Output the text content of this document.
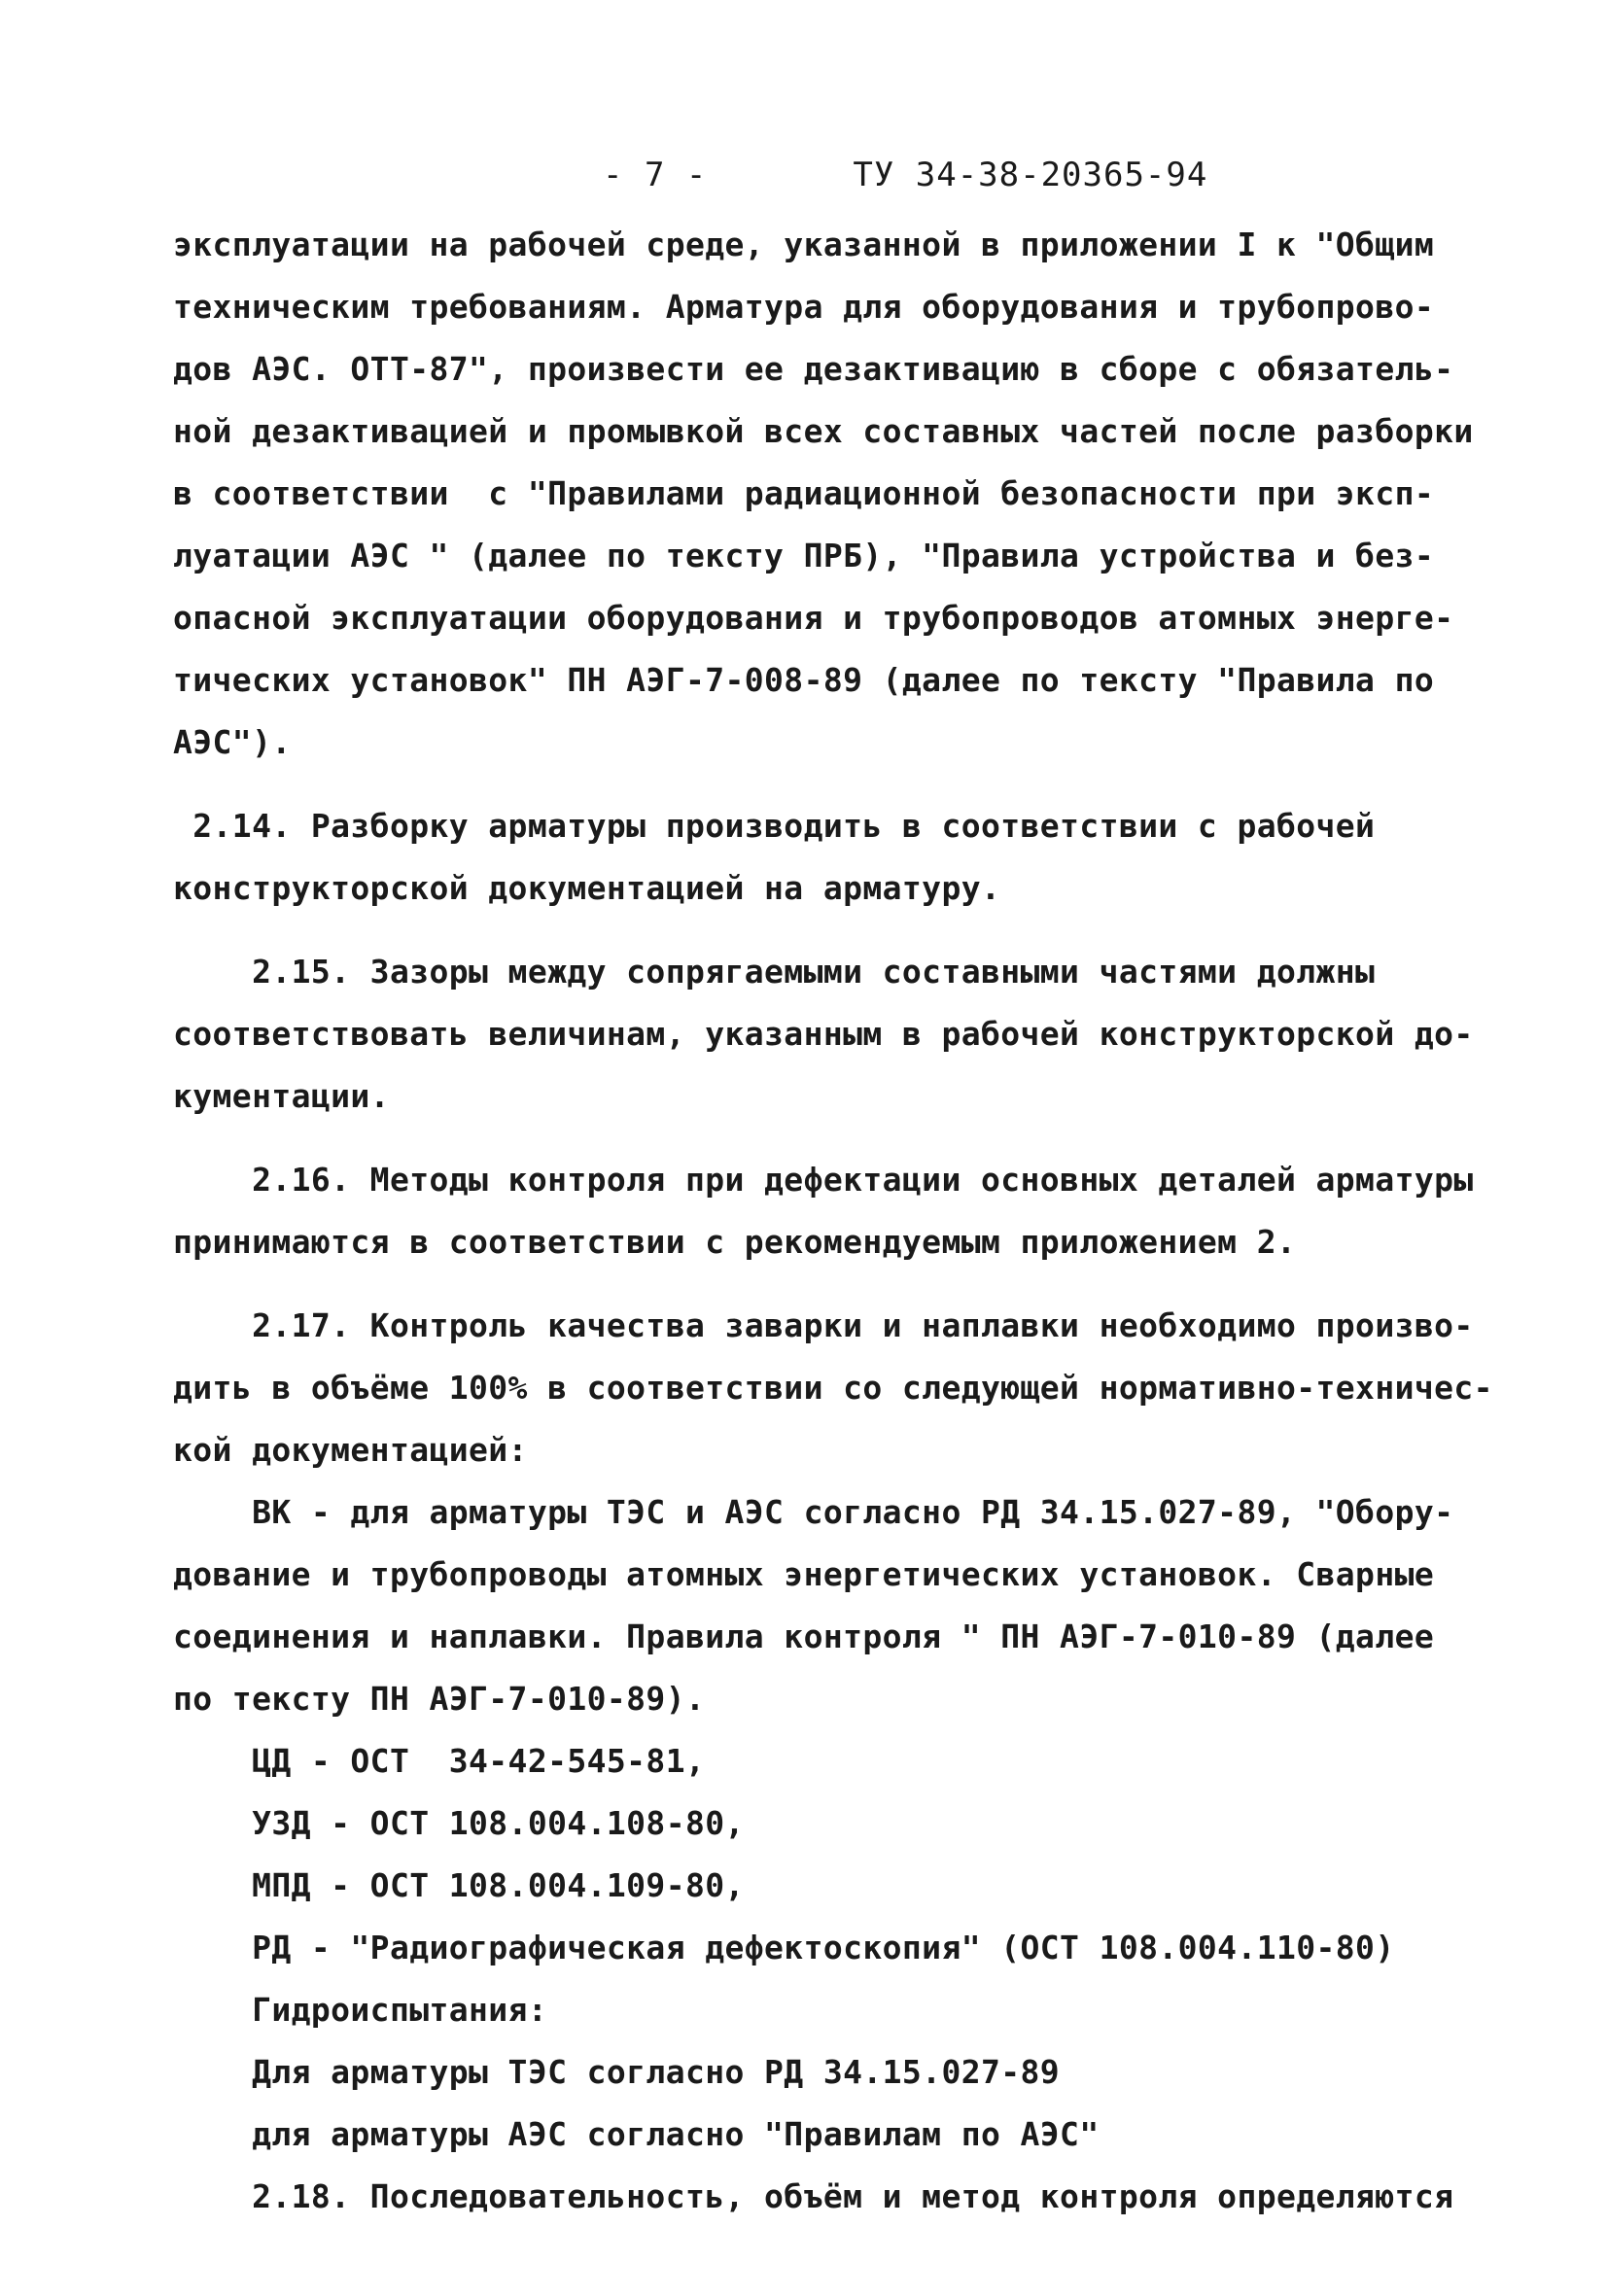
- 7 -	ТУ 34-38-20365-94
эксплуатации на рабочей среде, указанной в приложении I к "Общим
техническим требованиям. Арматура для оборудования и трубопрово-
дов АЭС. ОТТ-87", произвести ее дезактивацию в сборе с обязатель-
ной дезактивацией и промывкой всех составных частей после разборки
в соответствии  с "Правилами радиационной безопасности при эксп-
луатации АЭС " (далее по тексту ПРБ), "Правила устройства и без-
опасной эксплуатации оборудования и трубопроводов атомных энерге-
тических установок" ПН АЭГ-7-008-89 (далее по тексту "Правила по
АЭС").
2.14. Разборку арматуры производить в соответствии с рабочей
конструкторской документацией на арматуру.
2.15. Зазоры между сопрягаемыми составными частями должны
соответствовать величинам, указанным в рабочей конструкторской до-
кументации.
2.16. Методы контроля при дефектации основных деталей арматуры
принимаются в соответствии с рекомендуемым приложением 2.
2.17. Контроль качества заварки и наплавки необходимо произво-
дить в объёме 100% в соответствии со следующей нормативно-техничес-
кой документацией:
ВК - для арматуры ТЭС и АЭС согласно РД 34.15.027-89, "Обору-
дование и трубопроводы атомных энергетических установок. Сварные
соединения и наплавки. Правила контроля " ПН АЭГ-7-010-89 (далее
по тексту ПН АЭГ-7-010-89).
ЦД - ОСТ  34-42-545-81,
УЗД - ОСТ 108.004.108-80,
МПД - ОСТ 108.004.109-80,
РД - "Радиографическая дефектоскопия" (ОСТ 108.004.110-80)
Гидроиспытания:
Для арматуры ТЭС согласно РД 34.15.027-89
для арматуры АЭС согласно "Правилам по АЭС"
2.18. Последовательность, объём и метод контроля определяются
